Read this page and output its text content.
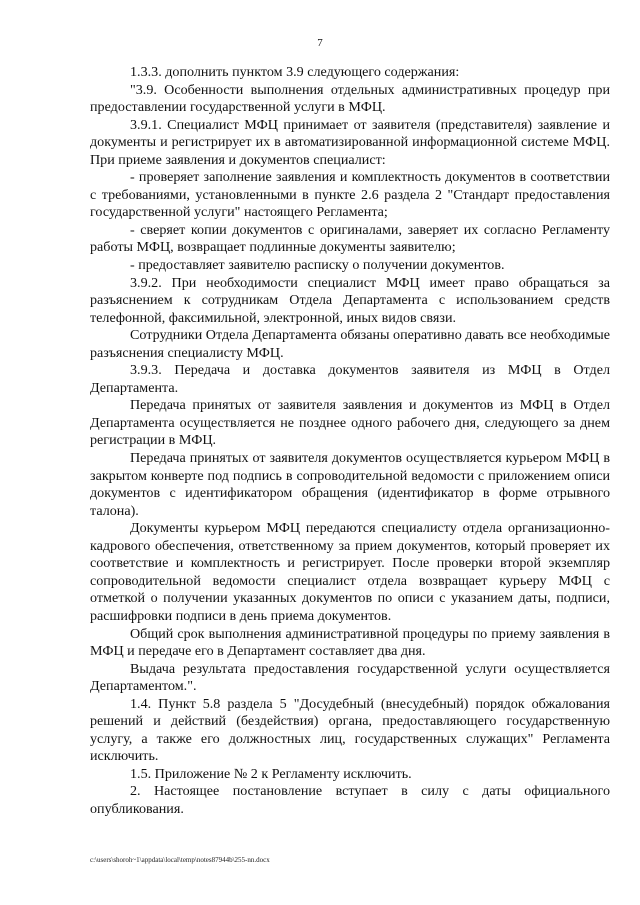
7

1.3.3. дополнить пунктом 3.9 следующего содержания:

"3.9. Особенности выполнения отдельных административных процедур при предоставлении государственной услуги в МФЦ.

3.9.1. Специалист МФЦ принимает от заявителя (представителя) заявление и документы и регистрирует их в автоматизированной информационной системе МФЦ. При приеме заявления и документов специалист:

- проверяет заполнение заявления и комплектность документов в соответствии с требованиями, установленными в пункте 2.6 раздела 2 "Стандарт предоставления государственной услуги" настоящего Регламента;

- сверяет копии документов с оригиналами, заверяет их согласно Регламенту работы МФЦ, возвращает подлинные документы заявителю;

- предоставляет заявителю расписку о получении документов.

3.9.2. При необходимости специалист МФЦ имеет право обращаться за разъяснением к сотрудникам Отдела Департамента с использованием средств телефонной, факсимильной, электронной, иных видов связи.

Сотрудники Отдела Департамента обязаны оперативно давать все необходимые разъяснения специалисту МФЦ.

3.9.3. Передача и доставка документов заявителя из МФЦ в Отдел Департамента.

Передача принятых от заявителя заявления и документов из МФЦ в Отдел Департамента осуществляется не позднее одного рабочего дня, следующего за днем регистрации в МФЦ.

Передача принятых от заявителя документов осуществляется курьером МФЦ в закрытом конверте под подпись в сопроводительной ведомости с приложением описи документов с идентификатором обращения (идентификатор в форме отрывного талона).

Документы курьером МФЦ передаются специалисту отдела организационно-кадрового обеспечения, ответственному за прием документов, который проверяет их соответствие и комплектность и регистрирует. После проверки второй экземпляр сопроводительной ведомости специалист отдела возвращает курьеру МФЦ с отметкой о получении указанных документов по описи с указанием даты, подписи, расшифровки подписи в день приема документов.

Общий срок выполнения административной процедуры по приему заявления в МФЦ и передаче его в Департамент составляет два дня.

Выдача результата предоставления государственной услуги осуществляется Департаментом.".

1.4. Пункт 5.8 раздела 5 "Досудебный (внесудебный) порядок обжалования решений и действий (бездействия) органа, предоставляющего государственную услугу, а также его должностных лиц, государственных служащих" Регламента исключить.

1.5. Приложение № 2 к Регламенту исключить.

2. Настоящее постановление вступает в силу с даты официального опубликования.

c:\users\shoroh~1\appdata\local\temp\notes87944b\255-nn.docx
